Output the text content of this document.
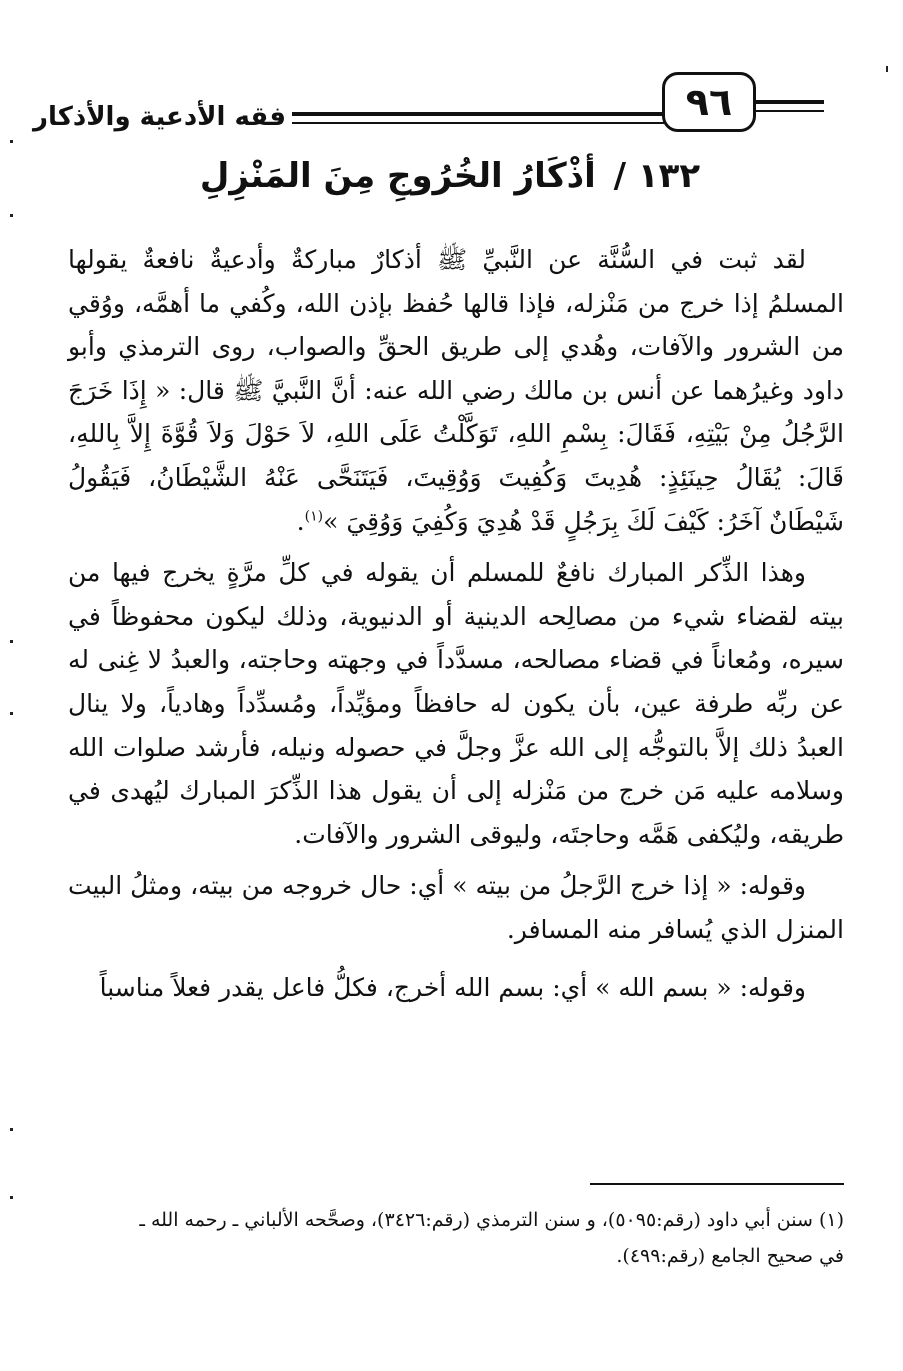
فقه الأدعية والأذكار	٩٦
١٣٢ / أذْكَارُ الخُرُوجِ مِنَ المَنْزِلِ

لقد ثبت في السُّنَّة عن النَّبيِّ ﷺ أذكارٌ مباركةٌ وأدعيةٌ نافعةٌ يقولها المسلمُ إذا خرج من مَنْزله، فإذا قالها حُفظ بإذن الله، وكُفي ما أهمَّه، ووُقي من الشرور والآفات، وهُدي إلى طريق الحقِّ والصواب، روى الترمذي وأبو داود وغيرُهما عن أنس بن مالك رضي الله عنه: أنَّ النَّبيَّ ﷺ قال: « إِذَا خَرَجَ الرَّجُلُ مِنْ بَيْتِهِ، فَقَالَ: بِسْمِ اللهِ، تَوَكَّلْتُ عَلَى اللهِ، لاَ حَوْلَ وَلاَ قُوَّةَ إِلاَّ بِاللهِ، قَالَ: يُقَالُ حِينَئِذٍ: هُدِيتَ وَكُفِيتَ وَوُقِيتَ، فَيَتَنَحَّى عَنْهُ الشَّيْطَانُ، فَيَقُولُ شَيْطَانٌ آخَرُ: كَيْفَ لَكَ بِرَجُلٍ قَدْ هُدِيَ وَكُفِيَ وَوُقِيَ »$^{(١)}$.

وهذا الذِّكر المبارك نافعٌ للمسلم أن يقوله في كلِّ مرَّةٍ يخرج فيها من بيته لقضاء شيء من مصالِحه الدينية أو الدنيوية، وذلك ليكون محفوظاً في سيره، ومُعاناً في قضاء مصالحه، مسدَّداً في وجهته وحاجته، والعبدُ لا غِنى له عن ربِّه طرفة عين، بأن يكون له حافظاً ومؤيِّداً، ومُسدِّداً وهادياً، ولا ينال العبدُ ذلك إلاَّ بالتوجُّه إلى الله عزَّ وجلَّ في حصوله ونيله، فأرشد صلوات الله وسلامه عليه مَن خرج من مَنْزله إلى أن يقول هذا الذِّكرَ المبارك ليُهدى في طريقه، وليُكفى هَمَّه وحاجتَه، وليوقى الشرور والآفات.

وقوله: « إذا خرج الرَّجلُ من بيته » أي: حال خروجه من بيته، ومثلُ البيت المنزل الذي يُسافر منه المسافر.

وقوله: « بسم الله » أي: بسم الله أخرج، فكلُّ فاعل يقدر فعلاً مناسباً

(١) سنن أبي داود (رقم:٥٠٩٥)، و سنن الترمذي (رقم:٣٤٢٦)، وصحَّحه الألباني ـ رحمه الله ـ
في صحيح الجامع (رقم:٤٩٩).
